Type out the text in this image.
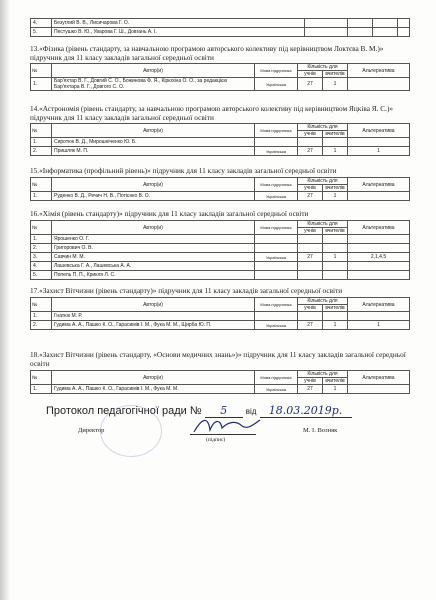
4.	Безуглий В. В., Лисичарова Г. О.				
5.	Пестушко В. Ю., Уварова Г. Ш., Довгань А. І.				
13.«Фізика (рівень стандарту, за навчальною програмою авторського колективу під керівництвом Локтєва В. М.)» підручник для 11 класу закладів загальної середньої освіти
№	Автор(и)	Мова підручника	Кількість для		Альтернатива
			учнів	вчителів	
1.	Бар'яхтар В. Г., Довгий С. О., Божинова Ф. Я., Кірюхіна О. О., за редакцією Бар'яхтара В. Г., Довгого С. О.	Українська	27	1	
14.«Астрономія (рівень стандарту, за навчальною програмою авторського колективу під керівництвом Яцківа Я. С.)» підручник для 11 класу закладів загальної середньої освіти
№	Автор(и)	Мова підручника	Кількість для		Альтернатива
			учнів	вчителів	
1.	Сиротюк В. Д., Мирошніченко Ю. Б.				
2.	Пришляк М. П.	Українська	27	1	1
15.«Інформатика (профільний рівень)» підручник для 11 класу закладів загальної середньої освіти
№	Автор(и)	Мова підручника	Кількість для		Альтернатива
			учнів	вчителів	
1.	Руденко В. Д., Речич Н. В., Потієнко В. О.	Українська	27	1	
16.«Хімія (рівень стандарту)» підручник для 11 класу закладів загальної середньої освіти
№	Автор(и)	Мова підручника	Кількість для		Альтернатива
			учнів	вчителів	
1.	Ярошенко О. Г.				
2.	Григорович О. В.				
3.	Савчин М. М.	Українська	27	1	2,1,4,5
4.	Лашевська Г. А., Лашевська А. А.				
5.	Попель П. П., Крикля Л. С.				
17.«Захист Вітчизни (рівень стандарту)» підручник для 11 класу закладів загальної середньої освіти
№	Автор(и)	Мова підручника	Кількість для		Альтернатива
			учнів	вчителів	
1.	Гнатюк М. Р.				
2.	Гудима А. А., Пашко К. О., Гарасимів І. М., Фука М. М., Щирба Ю. П.	Українська	27	1	1
18.«Захист Вітчизни (рівень стандарту, «Основи медичних знань»)» підручник для 11 класу закладів загальної середньої освіти
№	Автор(и)	Мова підручника	Кількість для		Альтернатива
			учнів	вчителів	
1.	Гудима А. А., Пашко К. О., Гарасимів І. М., Фука М. М.	Українська	27	1	
Протокол педагогічної ради № 5 від 18.03.2019р.
Директор
(підпис)
М. І. Возняк
